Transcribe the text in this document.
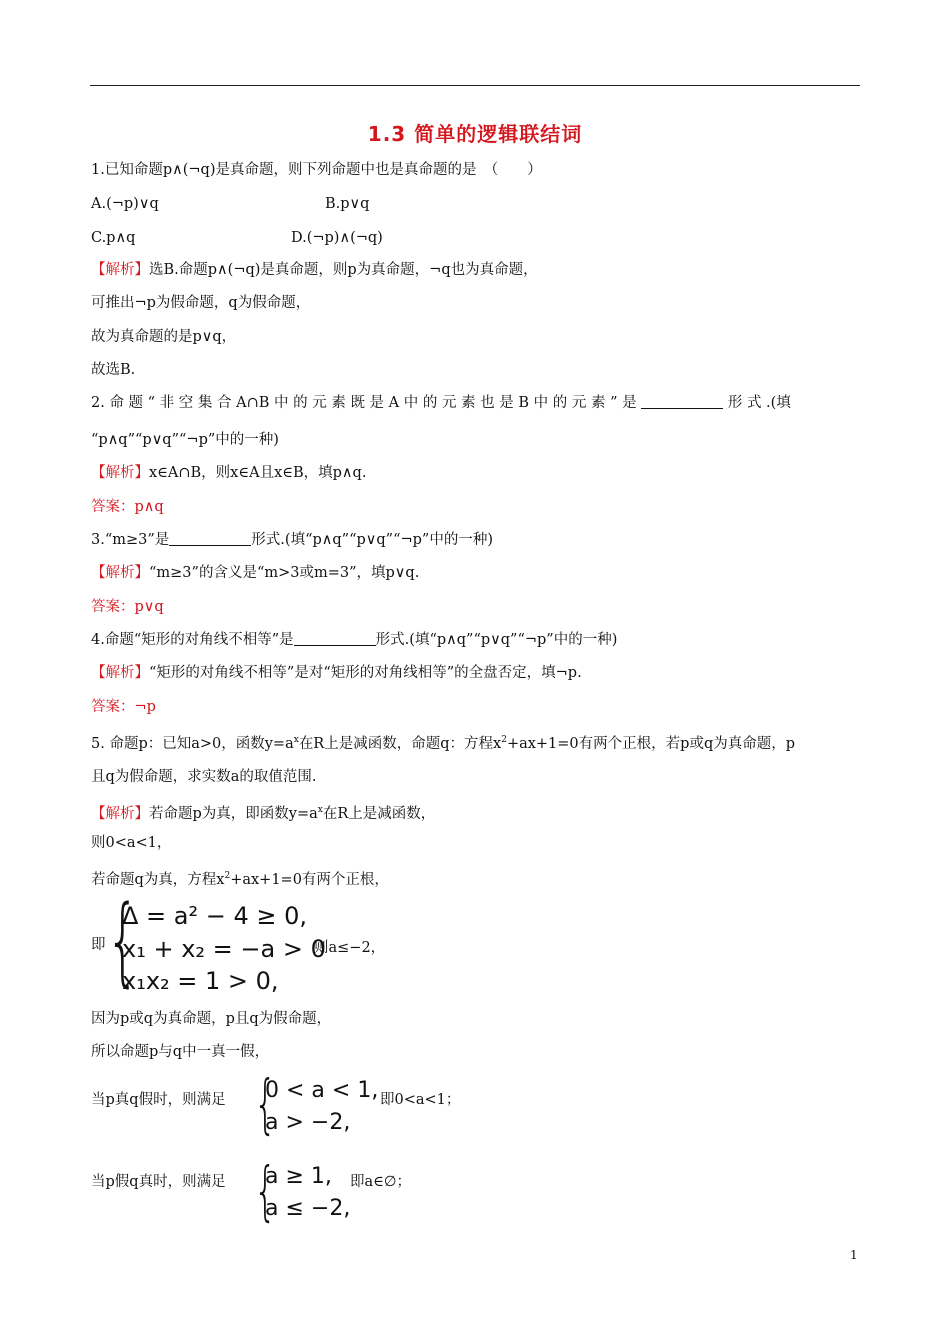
1.3 简单的逻辑联结词
1.已知命题p∧(¬q)是真命题，则下列命题中也是真命题的是　（　　）
A.(¬p)∨q	B.p∨q
C.p∧q	D.(¬p)∧(¬q)
【解析】选B.命题p∧(¬q)是真命题，则p为真命题，¬q也为真命题，
可推出¬p为假命题，q为假命题，
故为真命题的是p∨q，
故选B.
2. 命 题 “ 非 空 集 合 A∩B 中 的 元 素 既 是 A 中 的 元 素 也 是 B 中 的 元 素 ” 是	形 式 .(填
“p∧q”“p∨q”“¬p”中的一种)
【解析】x∈A∩B，则x∈A且x∈B，填p∧q.
答案：p∧q
3.“m≥3”是	形式.(填“p∧q”“p∨q”“¬p”中的一种)
【解析】“m≥3”的含义是“m>3或m=3”，填p∨q.
答案：p∨q
4.命题“矩形的对角线不相等”是	形式.(填“p∧q”“p∨q”“¬p”中的一种)
【解析】“矩形的对角线不相等”是对“矩形的对角线相等”的全盘否定，填¬p.
答案：¬p
5. 命题p：已知a>0，函数$y=a^x$在R上是减函数，命题q：方程$x^2+ax+1=0$有两个正根，若p或q为真命题，p
且q为假命题，求实数a的取值范围.
【解析】若命题p为真，即函数$y=a^x$在R上是减函数，
则0<a<1，
若命题q为真，方程$x^2+ax+1=0$有两个正根，
即 {
Δ = a² − 4 ≥ 0,
x₁ + x₂ = −a > 0
x₁x₂ = 1 > 0,
则a≤−2，
因为p或q为真命题，p且q为假命题，
所以命题p与q中一真一假，
当p真q假时，则满足 {
0 < a < 1,
a > −2,
即0<a<1；
当p假q真时，则满足 {
a ≥ 1,
a ≤ −2,
即a∈∅；
1
